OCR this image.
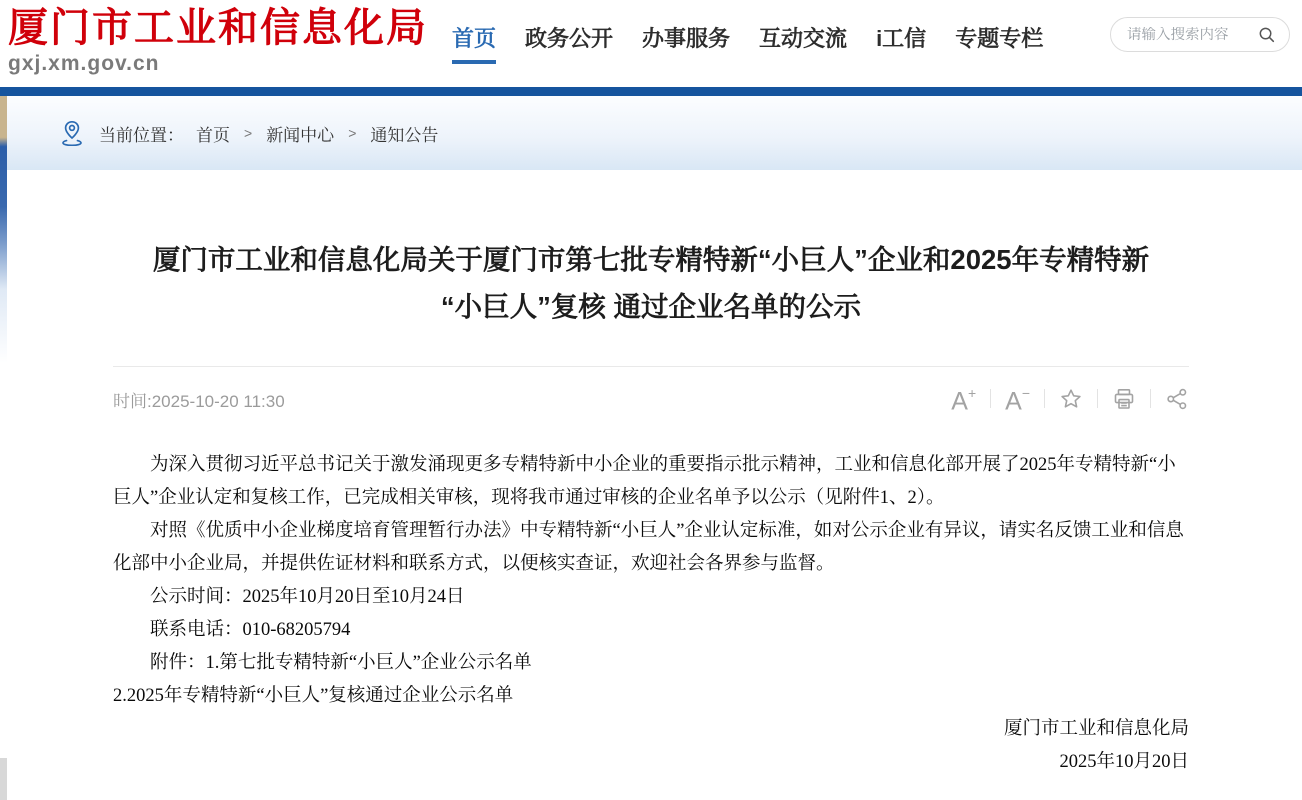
厦门市工业和信息化局
gxj.xm.gov.cn
首页 政务公开 办事服务 互动交流 i工信 专题专栏
请输入搜索内容
当前位置： 首页 > 新闻中心 > 通知公告
厦门市工业和信息化局关于厦门市第七批专精特新“小巨人”企业和2025年专精特新
“小巨人”复核 通过企业名单的公示
时间:2025-10-20 11:30	A+ A−

为深入贯彻习近平总书记关于激发涌现更多专精特新中小企业的重要指示批示精神，工业和信息化部开展了2025年专精特新“小巨人”企业认定和复核工作，已完成相关审核，现将我市通过审核的企业名单予以公示（见附件1、2）。

对照《优质中小企业梯度培育管理暂行办法》中专精特新“小巨人”企业认定标准，如对公示企业有异议，请实名反馈工业和信息化部中小企业局，并提供佐证材料和联系方式，以便核实查证，欢迎社会各界参与监督。

公示时间：2025年10月20日至10月24日

联系电话：010-68205794

附件：1.第七批专精特新“小巨人”企业公示名单

2.2025年专精特新“小巨人”复核通过企业公示名单

厦门市工业和信息化局
2025年10月20日
